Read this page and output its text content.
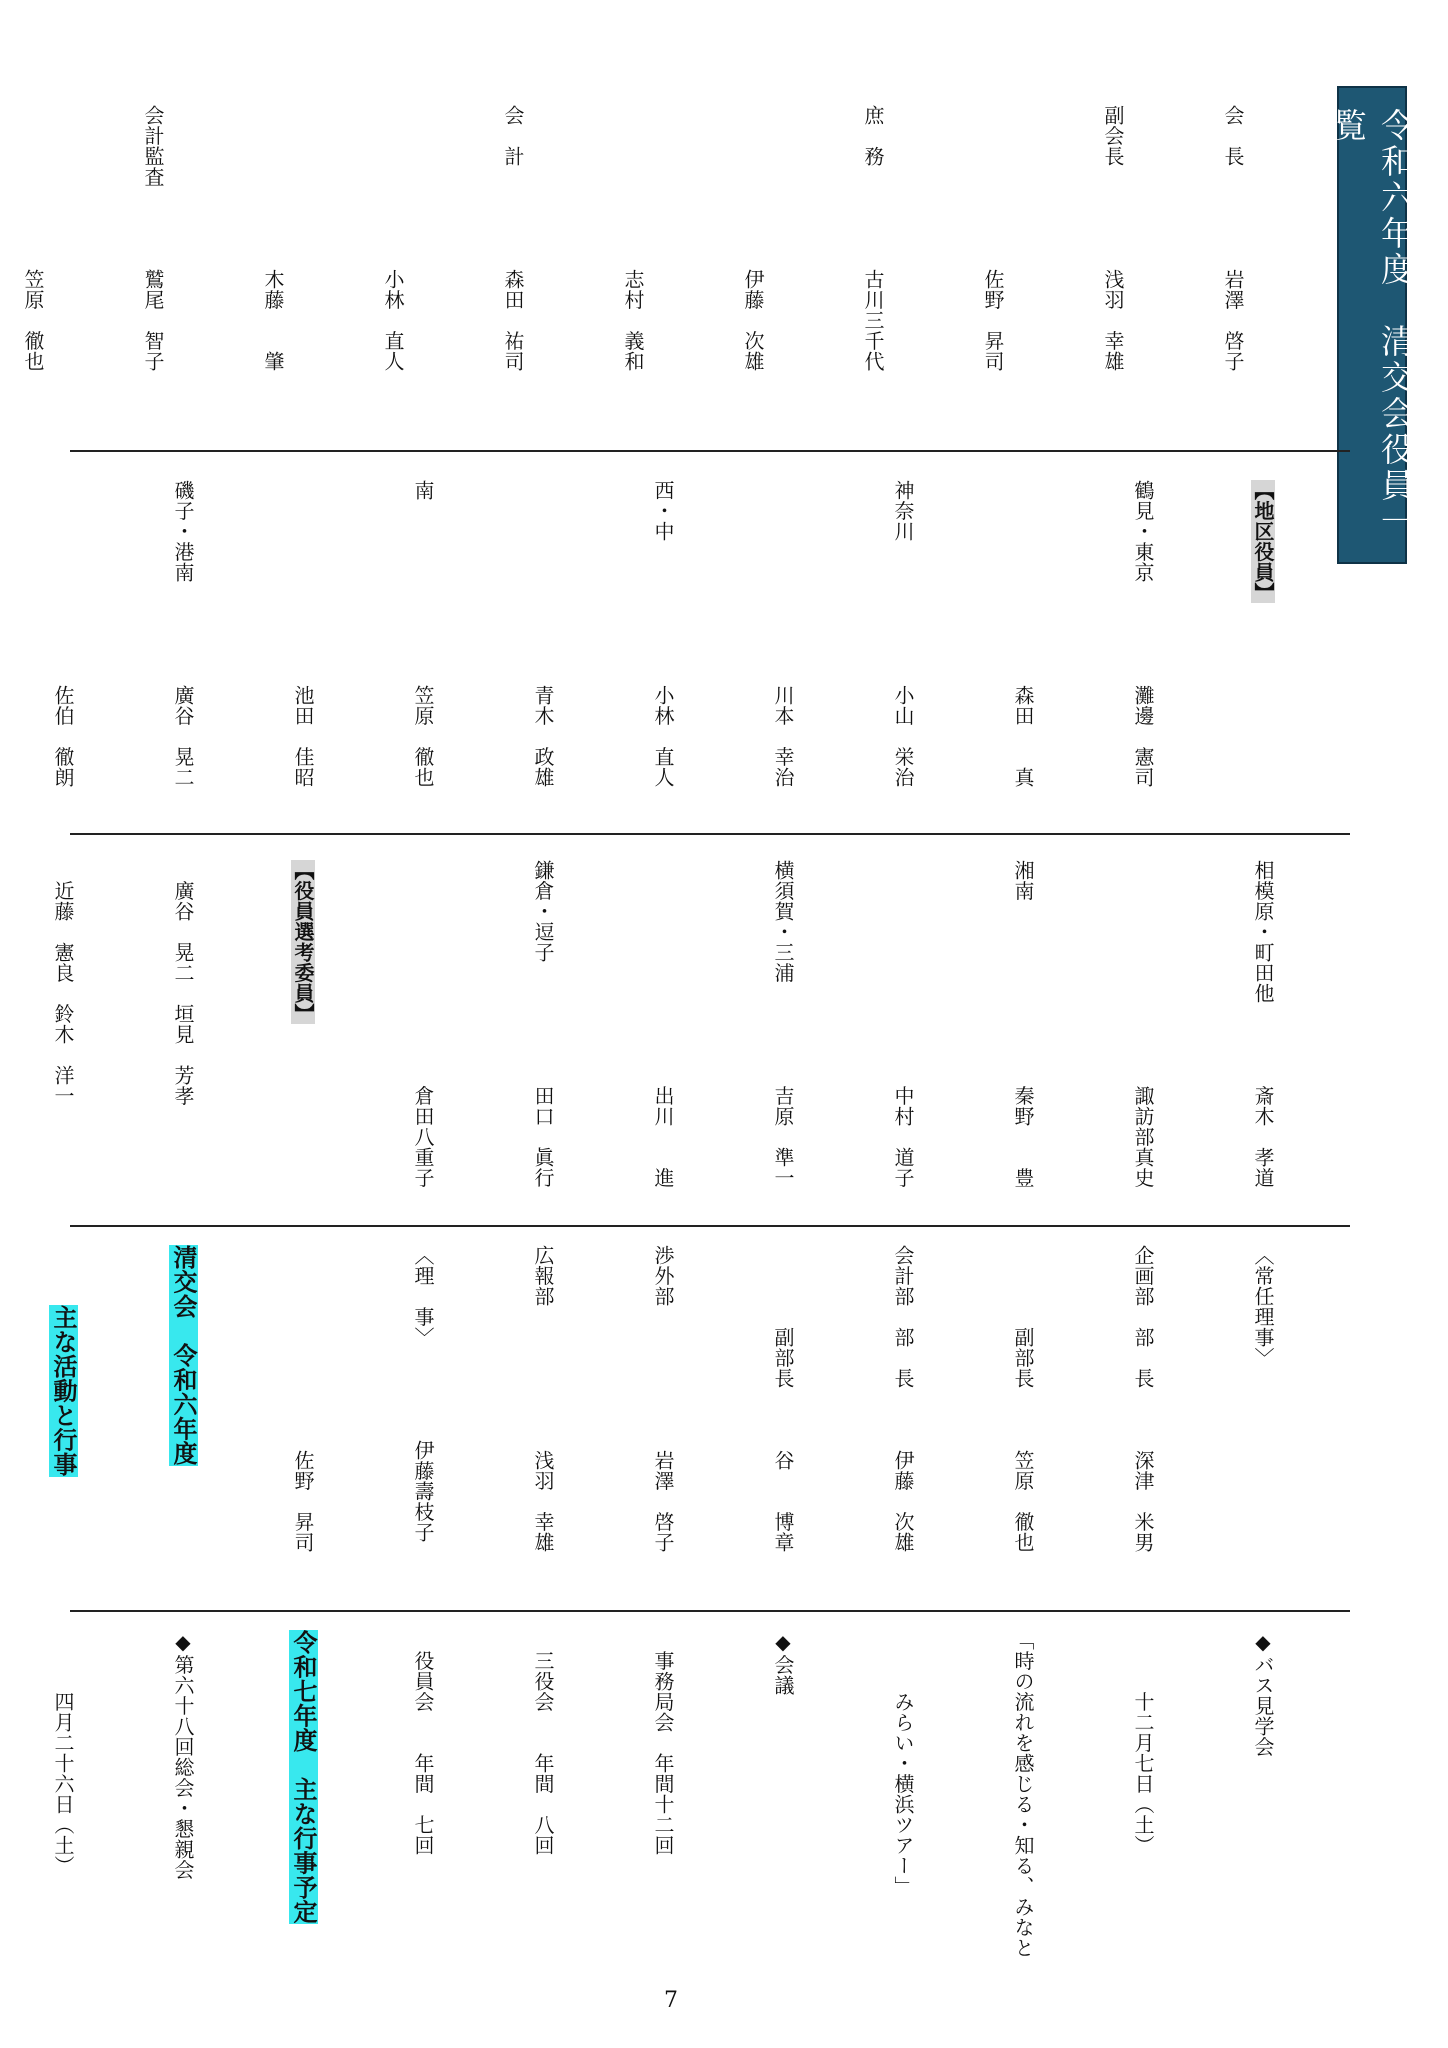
令和六年度　清交会役員一覧

会　長　　　　　岩澤　啓子

副会長　　　　　浅羽　幸雄

　　　　　　　　佐野　昇司

庶　務　　　　　古川三千代

　　　　　　　　伊藤　次雄

　　　　　　　　志村　義和

会　計　　　　　森田　祐司

　　　　　　　　小林　直人

　　　　　　　　木藤　　肇

会計監査　　　　鷲尾　智子

　　　　　　　　笠原　徹也

【地区役員】

鶴見・東京　　　　　灘邊　憲司

　　　　　　　　　　森田　　真

神奈川　　　　　　　小山　栄治

　　　　　　　　　　川本　幸治

西・中　　　　　　　小林　直人

　　　　　　　　　　青木　政雄

南　　　　　　　　　笠原　徹也

　　　　　　　　　　池田　佳昭

磯子・港南　　　　　廣谷　晃二

　　　　　　　　　　佐伯　徹朗

相模原・町田他　　　　斎木　孝道

　　　　　　　　　　　諏訪部真史

湘南　　　　　　　　　秦野　　豊

　　　　　　　　　　　中村　道子

横須賀・三浦　　　　　吉原　準一

　　　　　　　　　　　出川　　進

鎌倉・逗子　　　　　　田口　眞行

　　　　　　　　　　　倉田八重子

【役員選考委員】

　廣谷　晃二　垣見　芳孝

　近藤　憲良　鈴木　洋一

〈常任理事〉

企画部　部　長　　　深津　米男

　　　　副部長　　　笠原　徹也

会計部　部　長　　　伊藤　次雄

　　　　副部長　　　谷　　博章

渉外部　　　　　　　岩澤　啓子

広報部　　　　　　　浅羽　幸雄

〈理　事〉　　　　　伊藤壽枝子

　　　　　　　　　　佐野　昇司

清交会　令和六年度

主な活動と行事

◆バス見学会

　　　十二月七日（土）

「時の流れを感じる・知る、みなと

　　　みらい・横浜ツアー」

◆会議

　事務局会　年間十二回

　三役会　　年間　八回

　役員会　　年間　七回

令和七年度　主な行事予定

◆第六十八回総会・懇親会

　　　四月二十六日（土）

7
